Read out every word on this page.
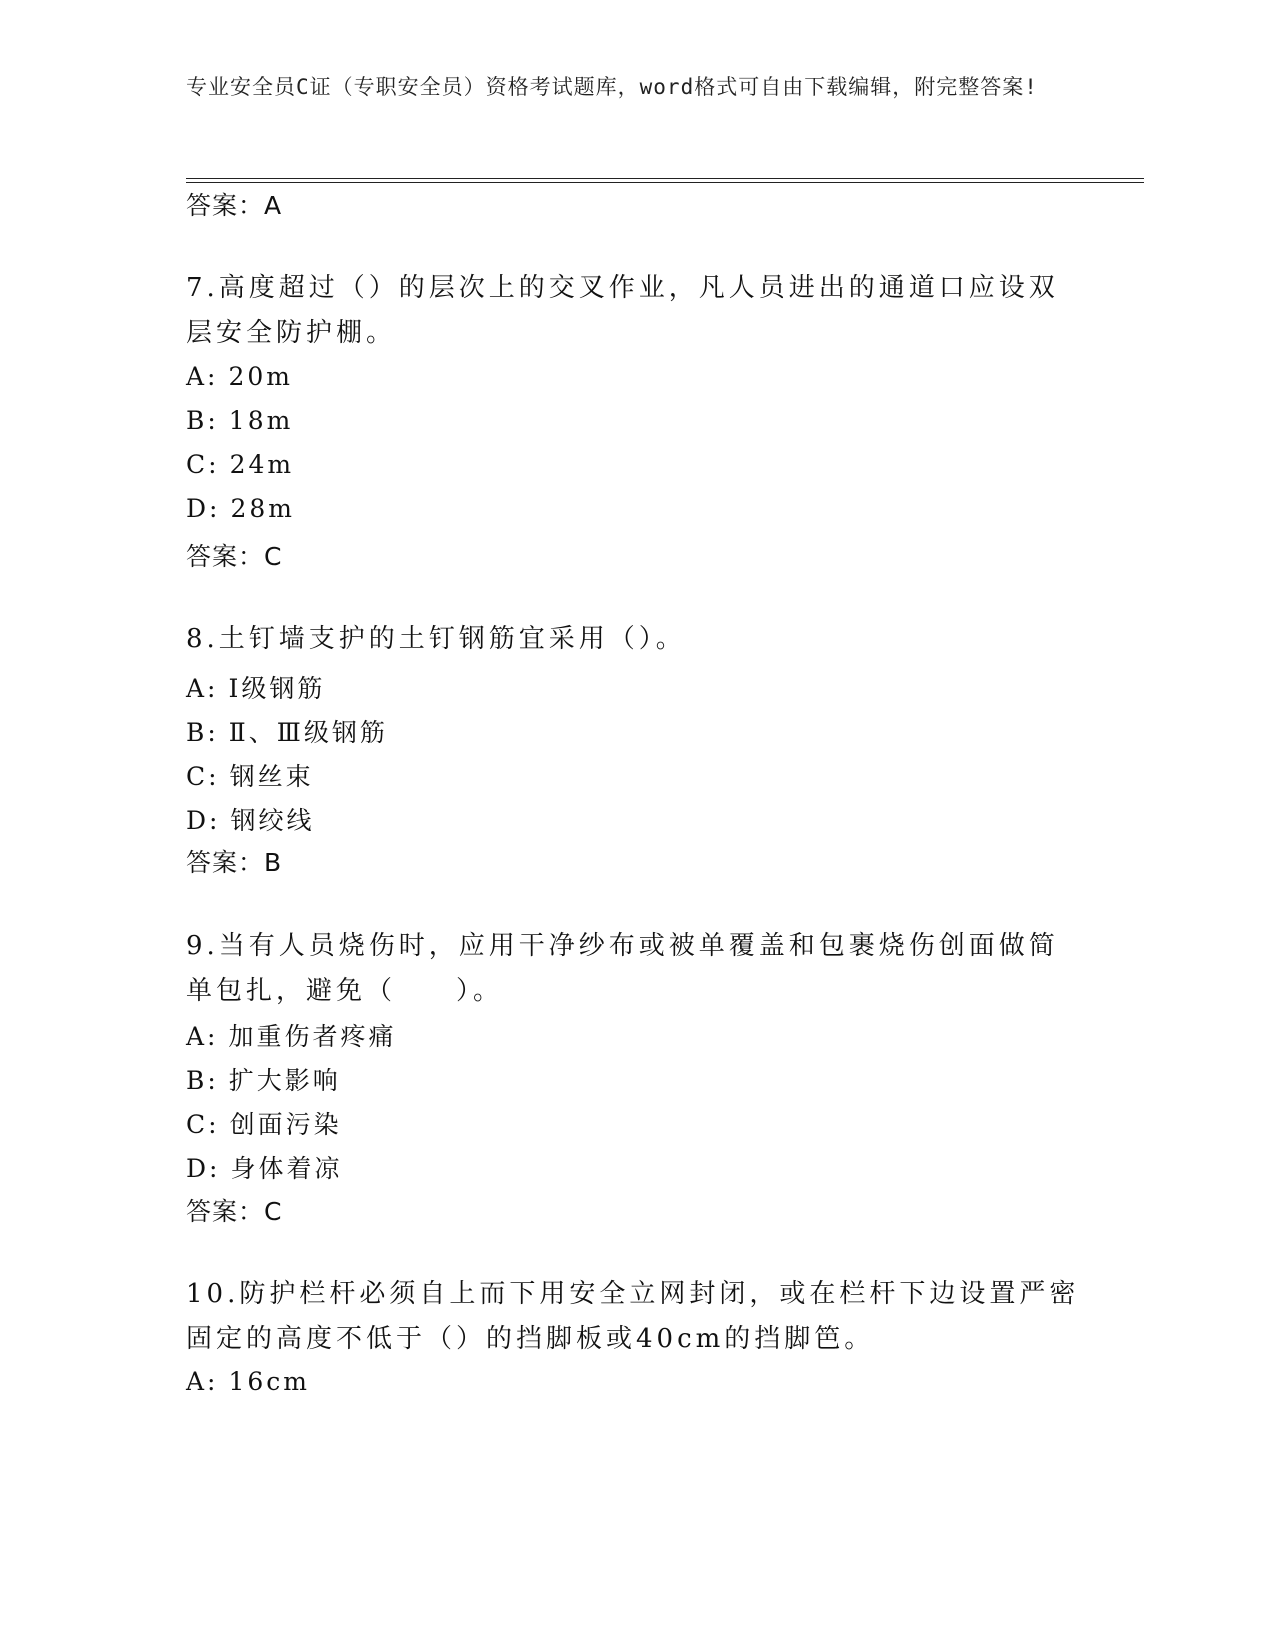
专业安全员C证（专职安全员）资格考试题库，word格式可自由下载编辑，附完整答案!
答案：A
7.高度超过（）的层次上的交叉作业，凡人员进出的通道口应设双层安全防护棚。
A: 20m
B: 18m
C: 24m
D: 28m
答案：C
8.土钉墙支护的土钉钢筋宜采用（）。
A: Ⅰ级钢筋
B: Ⅱ、Ⅲ级钢筋
C: 钢丝束
D: 钢绞线
答案：B
9.当有人员烧伤时，应用干净纱布或被单覆盖和包裹烧伤创面做简单包扎，避免（　　）。
A: 加重伤者疼痛
B: 扩大影响
C: 创面污染
D: 身体着凉
答案：C
10.防护栏杆必须自上而下用安全立网封闭，或在栏杆下边设置严密固定的高度不低于（）的挡脚板或40cm的挡脚笆。
A: 16cm
